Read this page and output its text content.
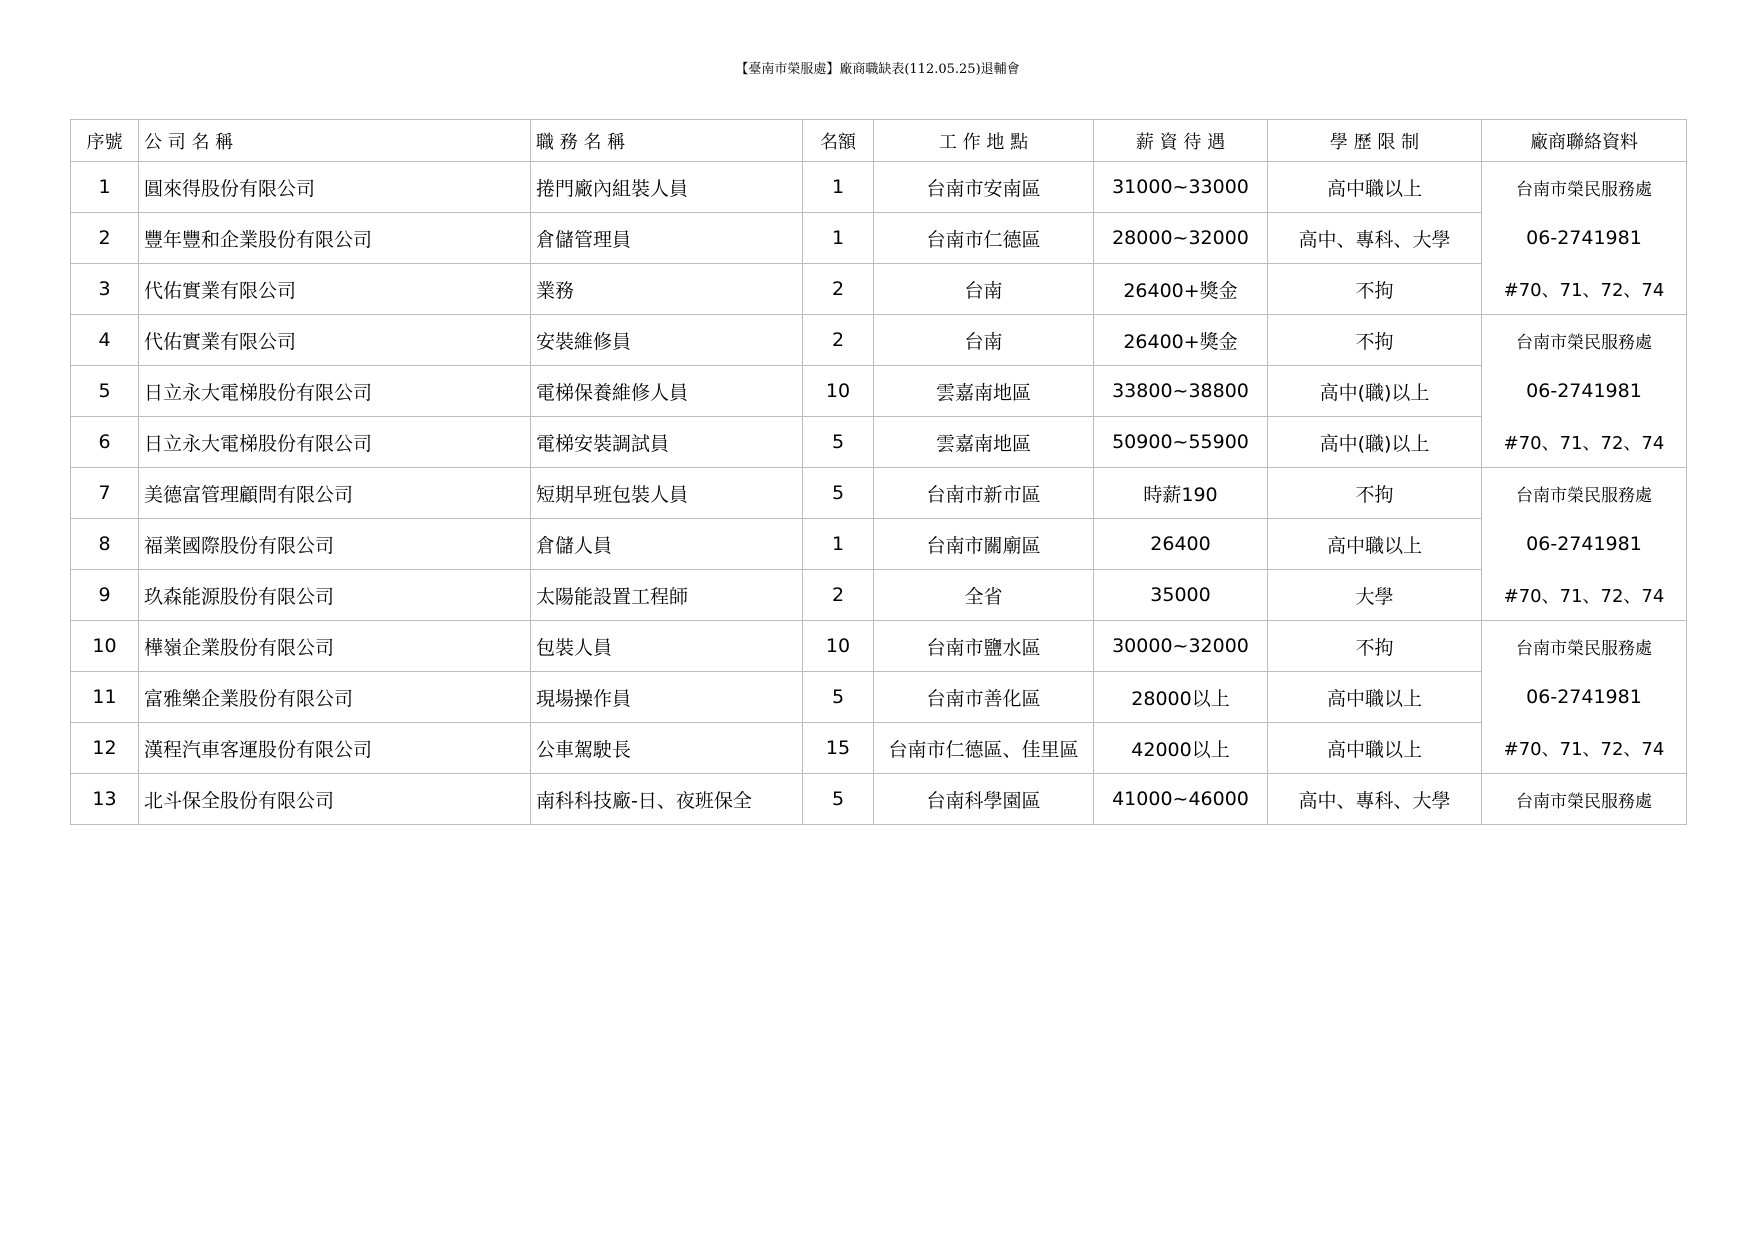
【臺南市榮服處】廠商職缺表(112.05.25)退輔會
序號	公 司 名 稱	職 務 名 稱	名額	工 作 地 點	薪 資 待 遇	學 歷 限 制	廠商聯絡資料
1	圓來得股份有限公司	捲門廠內組裝人員	1	台南市安南區	31000~33000	高中職以上	台南市榮民服務處
2	豐年豐和企業股份有限公司	倉儲管理員	1	台南市仁德區	28000~32000	高中、專科、大學	06-2741981
3	代佑實業有限公司	業務	2	台南	26400+獎金	不拘	#70、71、72、74
4	代佑實業有限公司	安裝維修員	2	台南	26400+獎金	不拘	台南市榮民服務處
5	日立永大電梯股份有限公司	電梯保養維修人員	10	雲嘉南地區	33800~38800	高中(職)以上	06-2741981
6	日立永大電梯股份有限公司	電梯安裝調試員	5	雲嘉南地區	50900~55900	高中(職)以上	#70、71、72、74
7	美德富管理顧問有限公司	短期早班包裝人員	5	台南市新市區	時薪190	不拘	台南市榮民服務處
8	福業國際股份有限公司	倉儲人員	1	台南市關廟區	26400	高中職以上	06-2741981
9	玖森能源股份有限公司	太陽能設置工程師	2	全省	35000	大學	#70、71、72、74
10	樺嶺企業股份有限公司	包裝人員	10	台南市鹽水區	30000~32000	不拘	台南市榮民服務處
11	富雅樂企業股份有限公司	現場操作員	5	台南市善化區	28000以上	高中職以上	06-2741981
12	漢程汽車客運股份有限公司	公車駕駛長	15	台南市仁德區、佳里區	42000以上	高中職以上	#70、71、72、74
13	北斗保全股份有限公司	南科科技廠-日、夜班保全	5	台南科學園區	41000~46000	高中、專科、大學	台南市榮民服務處
